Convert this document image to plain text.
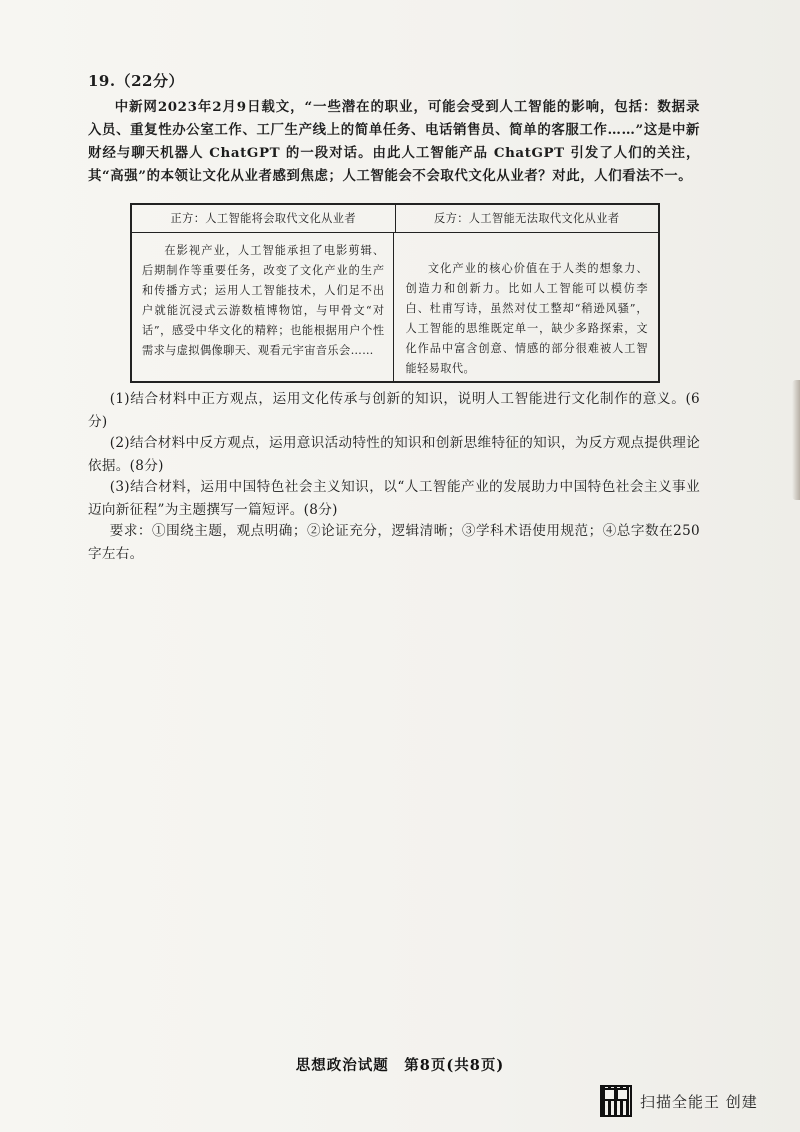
19.（22分）
中新网2023年2月9日载文，“一些潜在的职业，可能会受到人工智能的影响，包括：数据录入员、重复性办公室工作、工厂生产线上的简单任务、电话销售员、简单的客服工作……”这是中新财经与聊天机器人 ChatGPT 的一段对话。由此人工智能产品 ChatGPT 引发了人们的关注，其“高强”的本领让文化从业者感到焦虑；人工智能会不会取代文化从业者？对此，人们看法不一。
正方：人工智能将会取代文化从业者	反方：人工智能无法取代文化从业者
在影视产业，人工智能承担了电影剪辑、后期制作等重要任务，改变了文化产业的生产和传播方式；运用人工智能技术，人们足不出户就能沉浸式云游数植博物馆，与甲骨文“对话”，感受中华文化的精粹；也能根据用户个性需求与虚拟偶像聊天、观看元宇宙音乐会……
文化产业的核心价值在于人类的想象力、创造力和创新力。比如人工智能可以模仿李白、杜甫写诗，虽然对仗工整却“稍逊风骚”，人工智能的思维既定单一，缺少多路探索，文化作品中富含创意、情感的部分很难被人工智能轻易取代。
(1)结合材料中正方观点，运用文化传承与创新的知识，说明人工智能进行文化制作的意义。(6分)
(2)结合材料中反方观点，运用意识活动特性的知识和创新思维特征的知识，为反方观点提供理论依据。(8分)
(3)结合材料，运用中国特色社会主义知识，以“人工智能产业的发展助力中国特色社会主义事业迈向新征程”为主题撰写一篇短评。(8分)
要求：①围绕主题，观点明确；②论证充分，逻辑清晰；③学科术语使用规范；④总字数在250字左右。
思想政治试题　第8页(共8页)
扫描全能王 创建
